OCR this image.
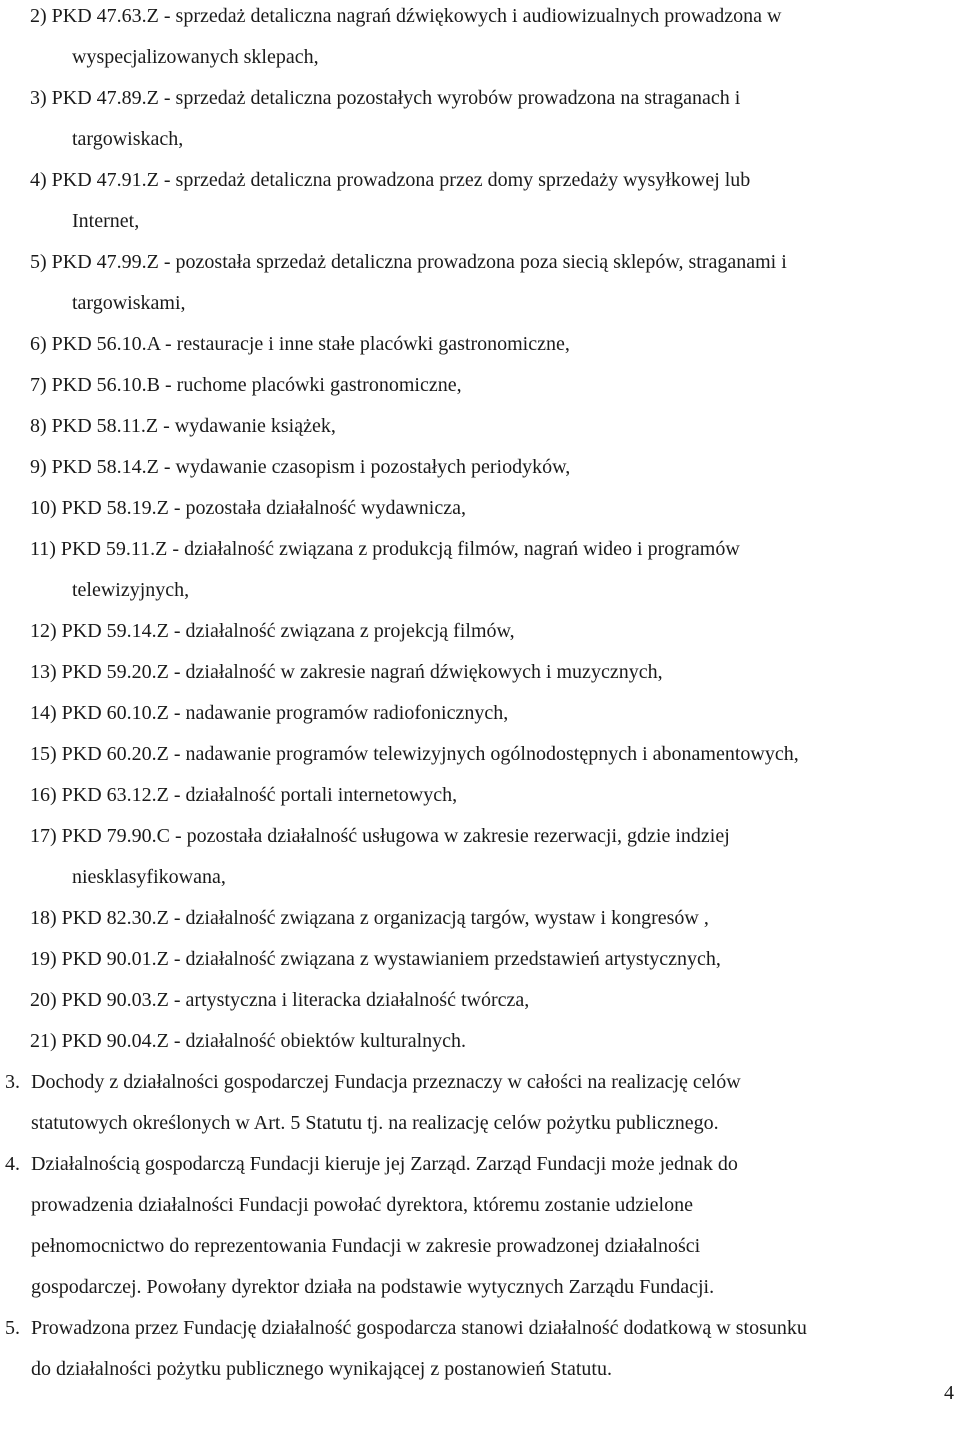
2) PKD 47.63.Z - sprzedaż detaliczna nagrań dźwiękowych i audiowizualnych prowadzona w
wyspecjalizowanych sklepach,
3) PKD 47.89.Z - sprzedaż detaliczna pozostałych wyrobów prowadzona na straganach i
targowiskach,
4) PKD 47.91.Z - sprzedaż detaliczna prowadzona przez domy sprzedaży wysyłkowej lub
Internet,
5) PKD 47.99.Z - pozostała sprzedaż detaliczna prowadzona poza siecią sklepów, straganami i
targowiskami,
6) PKD 56.10.A - restauracje i inne stałe placówki gastronomiczne,
7) PKD 56.10.B - ruchome placówki gastronomiczne,
8) PKD 58.11.Z - wydawanie książek,
9) PKD 58.14.Z - wydawanie czasopism i pozostałych periodyków,
10) PKD 58.19.Z - pozostała działalność wydawnicza,
11) PKD 59.11.Z - działalność związana z produkcją filmów, nagrań wideo i programów
telewizyjnych,
12) PKD 59.14.Z - działalność związana z projekcją filmów,
13) PKD 59.20.Z - działalność w zakresie nagrań dźwiękowych i muzycznych,
14) PKD 60.10.Z - nadawanie programów radiofonicznych,
15) PKD 60.20.Z - nadawanie programów telewizyjnych ogólnodostępnych i abonamentowych,
16) PKD 63.12.Z - działalność portali internetowych,
17) PKD 79.90.C - pozostała działalność usługowa w zakresie rezerwacji, gdzie indziej
niesklasyfikowana,
18) PKD 82.30.Z - działalność związana z organizacją targów, wystaw i kongresów ,
19) PKD 90.01.Z - działalność związana z wystawianiem przedstawień artystycznych,
20) PKD 90.03.Z - artystyczna i literacka działalność twórcza,
21) PKD 90.04.Z - działalność obiektów kulturalnych.
3. Dochody z działalności gospodarczej Fundacja przeznaczy w całości na realizację celów
statutowych określonych w Art. 5 Statutu tj. na realizację celów pożytku publicznego.
4. Działalnością gospodarczą Fundacji kieruje jej Zarząd. Zarząd Fundacji może jednak do
prowadzenia działalności Fundacji powołać dyrektora, któremu zostanie udzielone
pełnomocnictwo do reprezentowania Fundacji w zakresie prowadzonej działalności
gospodarczej. Powołany dyrektor działa na podstawie wytycznych Zarządu Fundacji.
5. Prowadzona przez Fundację działalność gospodarcza stanowi działalność dodatkową w stosunku
do działalności pożytku publicznego wynikającej z postanowień Statutu.
4
